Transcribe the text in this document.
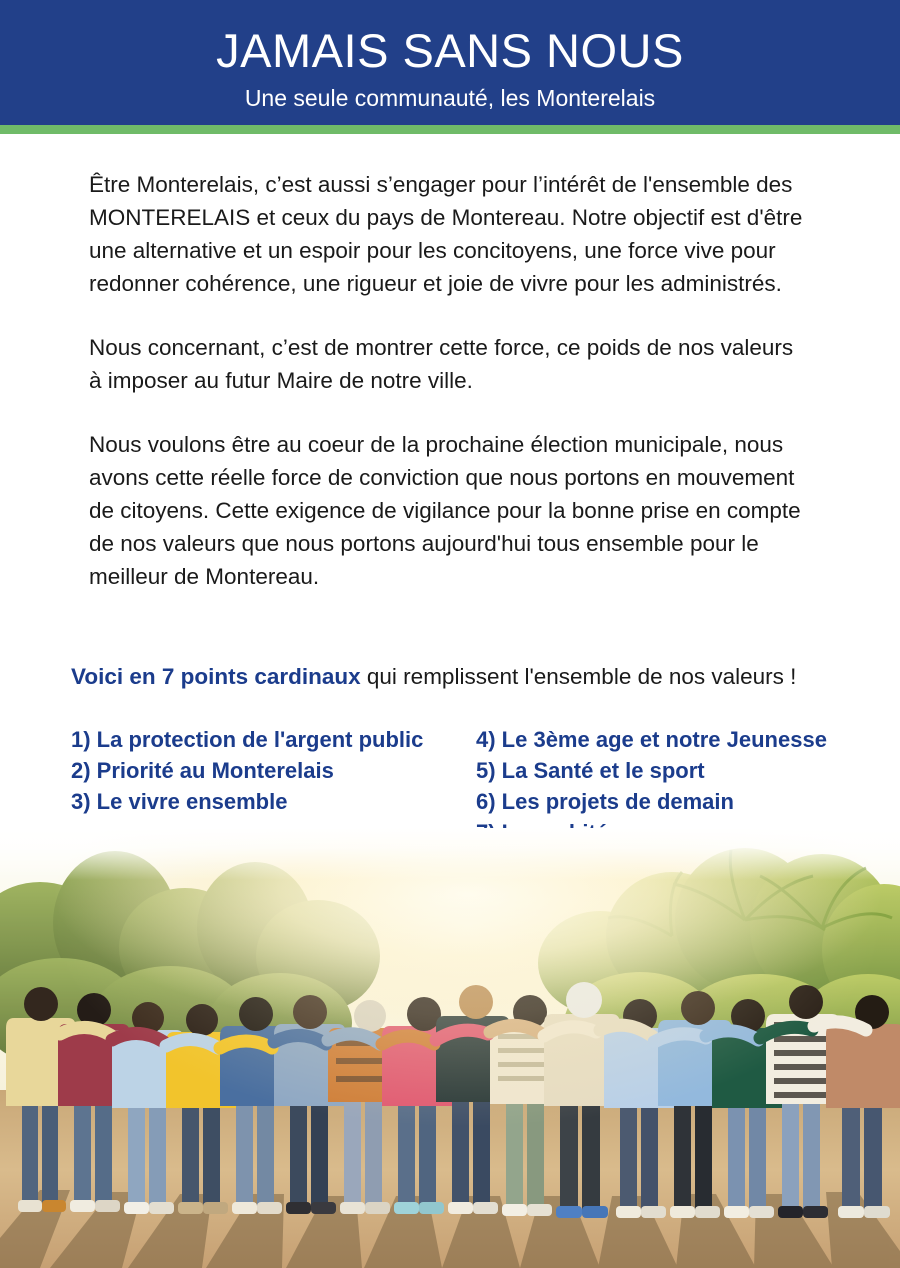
JAMAIS SANS NOUS
Une seule communauté, les Monterelais

Être Monterelais, c’est aussi s’engager pour l’intérêt de l'ensemble des MONTERELAIS et ceux du pays de Montereau. Notre objectif est d'être une alternative et un espoir pour les concitoyens, une force vive pour redonner cohérence, une rigueur et joie de vivre pour les administrés.

Nous concernant, c’est de montrer cette force, ce poids de nos valeurs à imposer au futur Maire de notre ville.

Nous voulons être au coeur de la prochaine élection municipale, nous avons cette réelle force de conviction que nous portons en mouvement de citoyens. Cette exigence de vigilance pour la bonne prise en compte de nos valeurs que nous portons aujourd'hui tous ensemble pour le meilleur de Montereau.

Voici en 7 points cardinaux qui remplissent l'ensemble de nos valeurs !
1) La protection de l'argent public
2) Priorité au Monterelais
3) Le vivre ensemble
4) Le 3ème age et notre Jeunesse
5) La Santé et le sport
6) Les projets de demain
